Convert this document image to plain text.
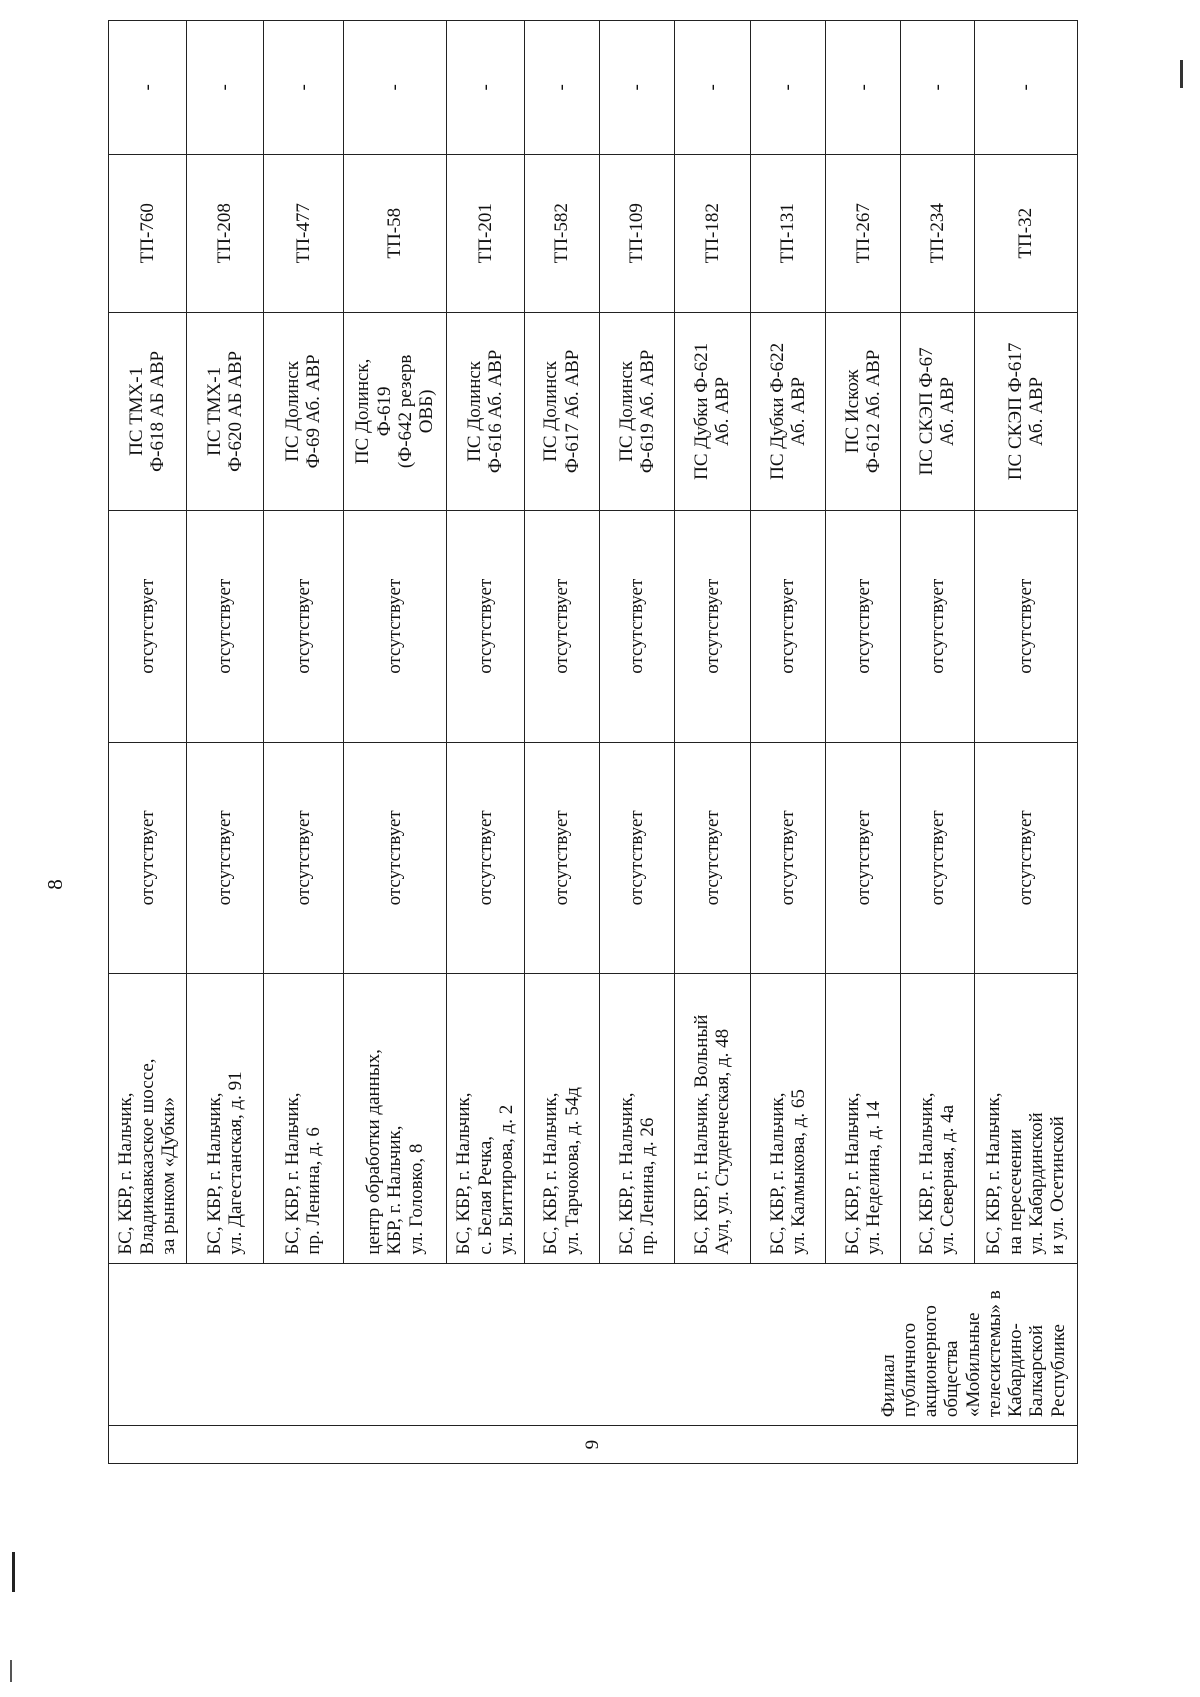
8
9	Филиал публичного акционерного общества «Мобильные телесистемы» в Кабардино-Балкарской Республике	БС, КБР, г. Нальчик,
Владикавказское шоссе,
за рынком «Дубки»	отсутствует	отсутствует	ПС ТМХ-1
Ф-618 АБ АВР	ТП-760	-
		БС, КБР, г. Нальчик,
ул. Дагестанская, д. 91	отсутствует	отсутствует	ПС ТМХ-1
Ф-620 АБ АВР	ТП-208	-
		БС, КБР, г. Нальчик,
пр. Ленина, д. 6	отсутствует	отсутствует	ПС Долинск
Ф-69 Аб. АВР	ТП-477	-
		центр обработки данных,
КБР, г. Нальчик,
ул. Головко, 8	отсутствует	отсутствует	ПС Долинск,
Ф-619
(Ф-642 резерв
ОВБ)	ТП-58	-
		БС, КБР, г. Нальчик,
с. Белая Речка,
ул. Биттирова, д. 2	отсутствует	отсутствует	ПС Долинск
Ф-616 Аб. АВР	ТП-201	-
		БС, КБР, г. Нальчик,
ул. Тарчокова, д. 54д	отсутствует	отсутствует	ПС Долинск
Ф-617 Аб. АВР	ТП-582	-
		БС, КБР, г. Нальчик,
пр. Ленина, д. 26	отсутствует	отсутствует	ПС Долинск
Ф-619 Аб. АВР	ТП-109	-
		БС, КБР, г. Нальчик, Вольный
Аул, ул. Студенческая, д. 48	отсутствует	отсутствует	ПС Дубки Ф-621
Аб. АВР	ТП-182	-
		БС, КБР, г. Нальчик,
ул. Калмыкова, д. 65	отсутствует	отсутствует	ПС Дубки Ф-622
Аб. АВР	ТП-131	-
		БС, КБР, г. Нальчик,
ул. Неделина, д. 14	отсутствует	отсутствует	ПС Искож
Ф-612 Аб. АВР	ТП-267	-
		БС, КБР, г. Нальчик,
ул. Северная, д. 4а	отсутствует	отсутствует	ПС СКЭП Ф-67
Аб. АВР	ТП-234	-
		БС, КБР, г. Нальчик,
на пересечении
ул. Кабардинской
и ул. Осетинской	отсутствует	отсутствует	ПС СКЭП Ф-617
Аб. АВР	ТП-32	-
